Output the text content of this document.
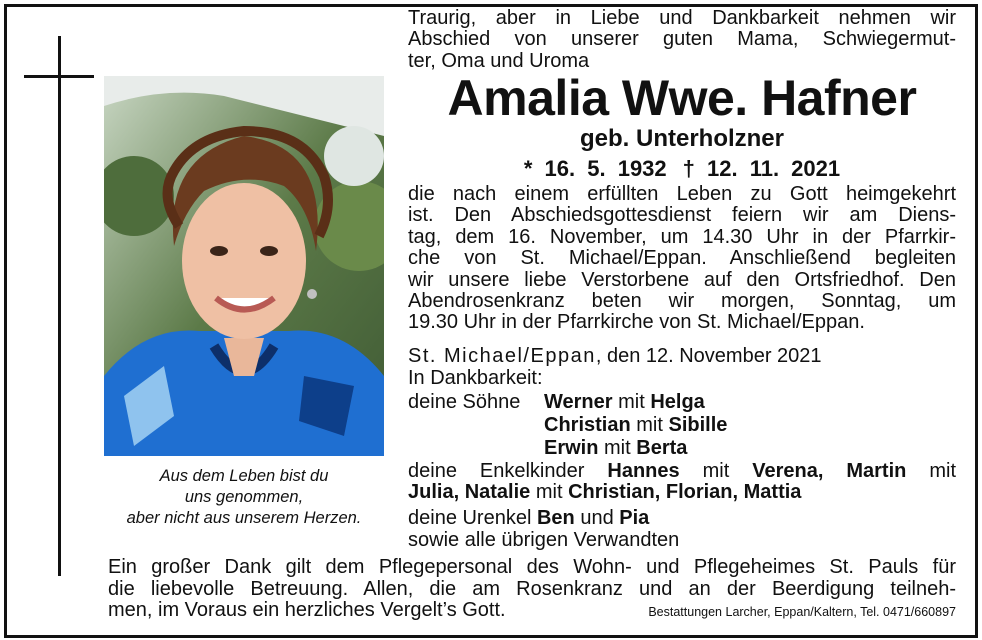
Aus dem Leben bist du
uns genommen,
aber nicht aus unserem Herzen.
Traurig, aber in Liebe und Dankbarkeit nehmen wir
Abschied von unserer guten Mama, Schwiegermut-
ter, Oma und Uroma
Amalia Wwe. Hafner
geb. Unterholzner
* 16. 5. 1932 † 12. 11. 2021
die nach einem erfüllten Leben zu Gott heimgekehrt
ist. Den Abschiedsgottesdienst feiern wir am Diens-
tag, dem 16. November, um 14.30 Uhr in der Pfarrkir-
che von St. Michael/Eppan. Anschließend begleiten
wir unsere liebe Verstorbene auf den Ortsfriedhof. Den
Abendrosenkranz beten wir morgen, Sonntag, um
19.30 Uhr in der Pfarrkirche von St. Michael/Eppan.
St. Michael/Eppan, den 12. November 2021
In Dankbarkeit:
deine Söhne Werner mit Helga
Christian mit Sibille
Erwin mit Berta
deine Enkelkinder Hannes mit Verena, Martin mit
Julia, Natalie mit Christian, Florian, Mattia
deine Urenkel Ben und Pia
sowie alle übrigen Verwandten
Ein großer Dank gilt dem Pflegepersonal des Wohn- und Pflegeheimes St. Pauls für
die liebevolle Betreuung. Allen, die am Rosenkranz und an der Beerdigung teilneh-
men, im Voraus ein herzliches Vergelt’s Gott.	Bestattungen Larcher, Eppan/Kaltern, Tel. 0471/660897
